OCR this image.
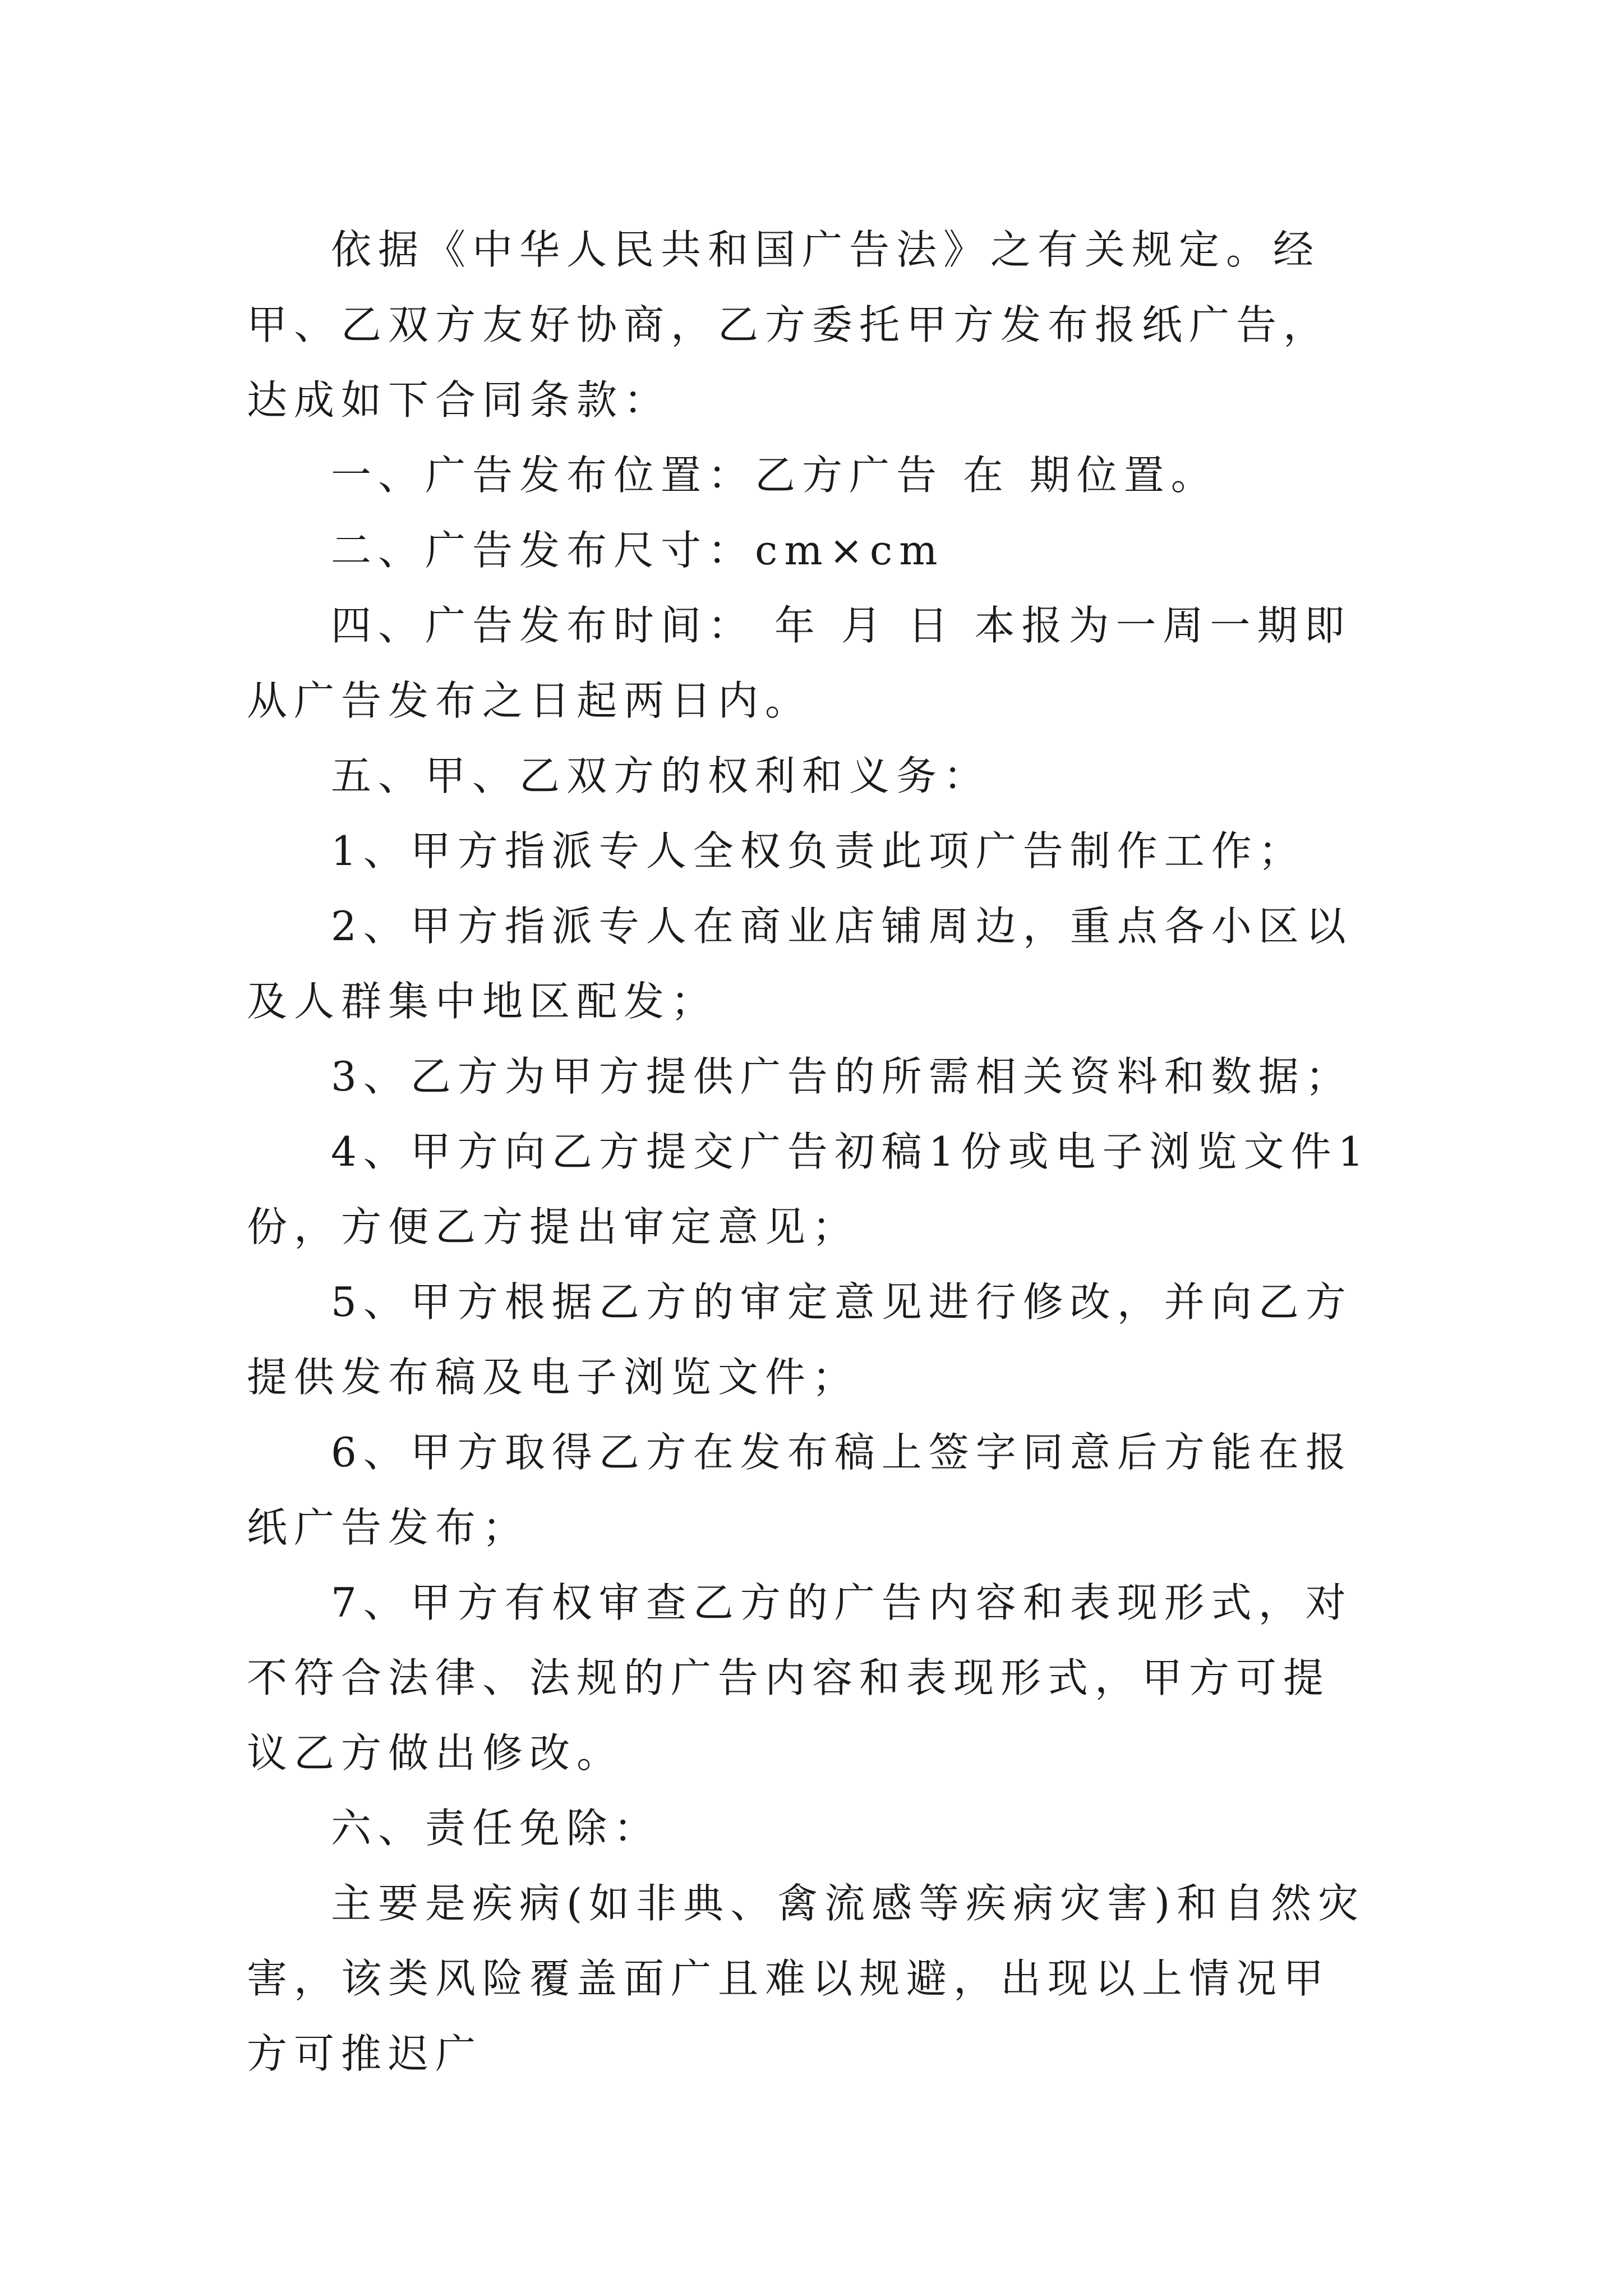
依据《中华人民共和国广告法》之有关规定。经甲、乙双方友好协商，乙方委托甲方发布报纸广告，达成如下合同条款：

一、广告发布位置：乙方广告 在 期位置。

二、广告发布尺寸：cm×cm

四、广告发布时间： 年 月 日 本报为一周一期即从广告发布之日起两日内。

五、甲、乙双方的权利和义务：

1、甲方指派专人全权负责此项广告制作工作；

2、甲方指派专人在商业店铺周边，重点各小区以及人群集中地区配发；

3、乙方为甲方提供广告的所需相关资料和数据；

4、甲方向乙方提交广告初稿1份或电子浏览文件1份，方便乙方提出审定意见；

5、甲方根据乙方的审定意见进行修改，并向乙方提供发布稿及电子浏览文件；

6、甲方取得乙方在发布稿上签字同意后方能在报纸广告发布；

7、甲方有权审查乙方的广告内容和表现形式，对不符合法律、法规的广告内容和表现形式，甲方可提议乙方做出修改。

六、责任免除：

主要是疾病(如非典、禽流感等疾病灾害)和自然灾害，该类风险覆盖面广且难以规避，出现以上情况甲方可推迟广
